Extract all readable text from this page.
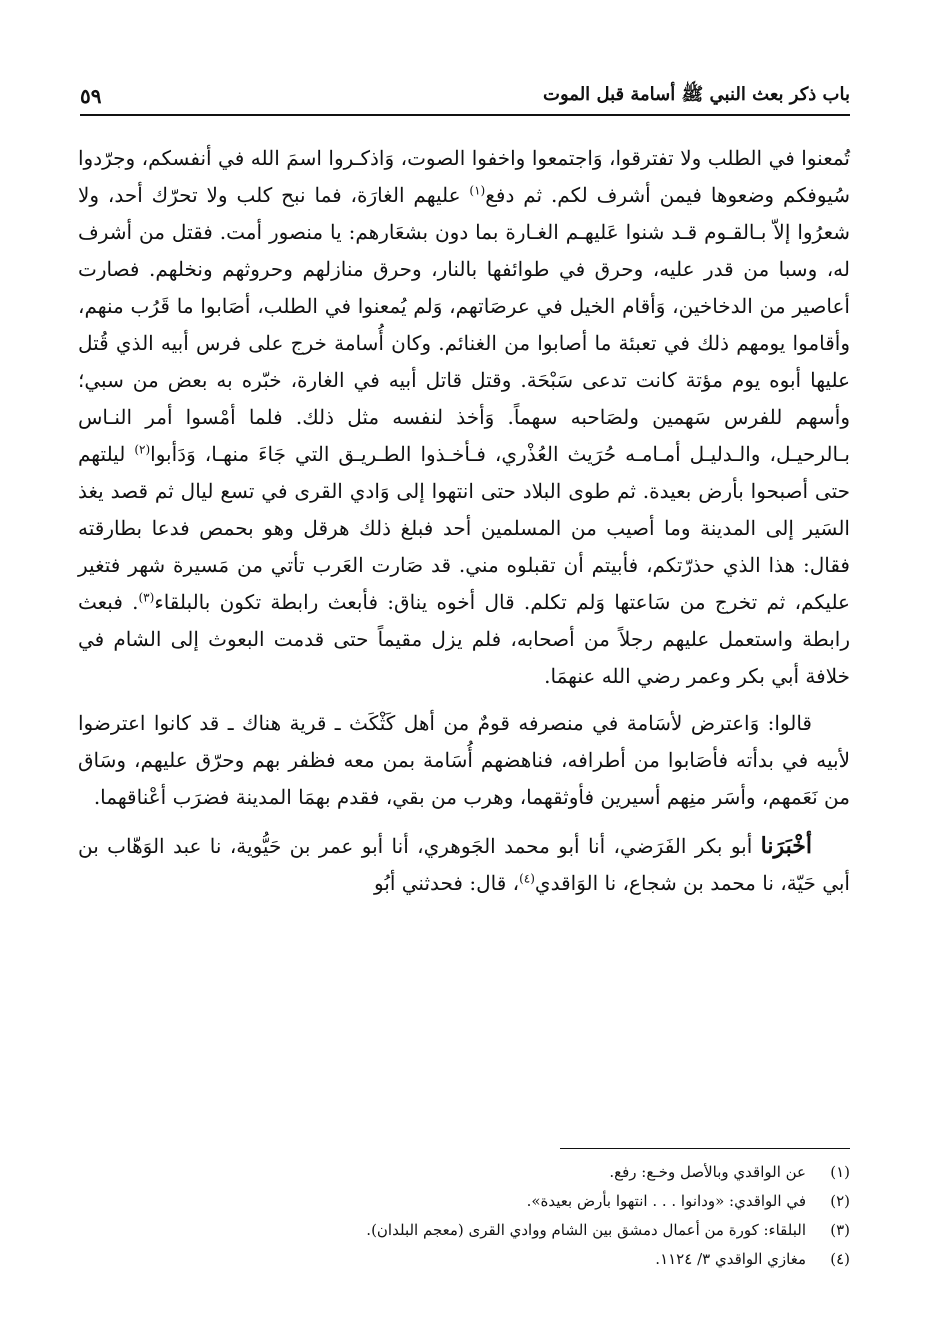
باب ذكر بعث النبي ﷺ أسامة قبل الموت
٥٩

تُمعنوا في الطلب ولا تفترقوا، وَاجتمعوا واخفوا الصوت، وَاذكـروا اسمَ الله في أنفسكم، وجرّدوا سُيوفكم وضعوها فيمن أشرف لكم. ثم دفع$^{(١)}$ عليهم الغارَة، فما نبح كلب ولا تحرّك أحد، ولا شعرُوا إلاّ بـالقـوم قـد شنوا عَليهـم الغـارة بما دون بشعَارهم: يا منصور أمت. فقتل من أشرف له، وسبا من قدر عليه، وحرق في طوائفها بالنار، وحرق منازلهم وحروثهم ونخلهم. فصارت أعاصير من الدخاخين، وَأقام الخيل في عرصَاتهم، وَلم يُمعنوا في الطلب، أصَابوا ما قَرُب منهم، وأقاموا يومهم ذلك في تعبئة ما أصابوا من الغنائم. وكان أُسامة خرج على فرس أبيه الذي قُتل عليها أبوه يوم مؤتة كانت تدعى سَبْحَة. وقتل قاتل أبيه في الغارة، خبّره به بعض من سبي؛ وأسهم للفرس سَهمين ولصَاحبه سهماً. وَأخذ لنفسه مثل ذلك. فلما أمْسوا أمر النـاس بـالرحيـل، والـدليـل أمـامـه حُرَيث العُذْري، فـأخـذوا الطـريـق التي جَاءَ منهـا، وَدَأبوا$^{(٢)}$ ليلتهم حتى أصبحوا بأرض بعيدة. ثم طوى البلاد حتى انتهوا إلى وَادي القرى في تسع ليال ثم قصد يغذ السَير إلى المدينة وما أصيب من المسلمين أحد فبلغ ذلك هرقل وهو بحمص فدعا بطارقته فقال: هذا الذي حذرّتكم، فأبيتم أن تقبلوه مني. قد صَارت العَرب تأتي من مَسيرة شهر فتغير عليكم، ثم تخرج من سَاعتها وَلم تكلم. قال أخوه يناق: فأبعث رابطة تكون بالبلقاء$^{(٣)}$. فبعث رابطة واستعمل عليهم رجلاً من أصحابه، فلم يزل مقيماً حتى قدمت البعوث إلى الشام في خلافة أبي بكر وعمر رضي الله عنهمَا.

قالوا: وَاعترض لأسَامة في منصرفه قومٌ من أهل كَثْكَث ـ قرية هناك ـ قد كانوا اعترضوا لأبيه في بدأته فأصَابوا من أطرافه، فناهضهم أُسَامة بمن معه فظفر بهم وحرّق عليهم، وسَاق من نَعَمهم، وأسَر منِهم أسيرين فأوثقهما، وهرب من بقي، فقدم بهمَا المدينة فضرَب أعْناقهما.

أخْبَرَنا أبو بكر الفَرَضي، أنا أبو محمد الجَوهري، أنا أبو عمر بن حَيُّوية، نا عبد الوَهّاب بن أبي حَيّة، نا محمد بن شجاع، نا الوَاقدي$^{(٤)}$، قال: فحدثني أبُو

(١)
عن الواقدي وبالأصل وخـع: رفع.
(٢)
في الواقدي: «ودانوا . . . انتهوا بأرض بعيدة».
(٣)
البلقاء: كورة من أعمال دمشق بين الشام ووادي القرى (معجم البلدان).
(٤)
مغازي الواقدي ٣/ ١١٢٤.
